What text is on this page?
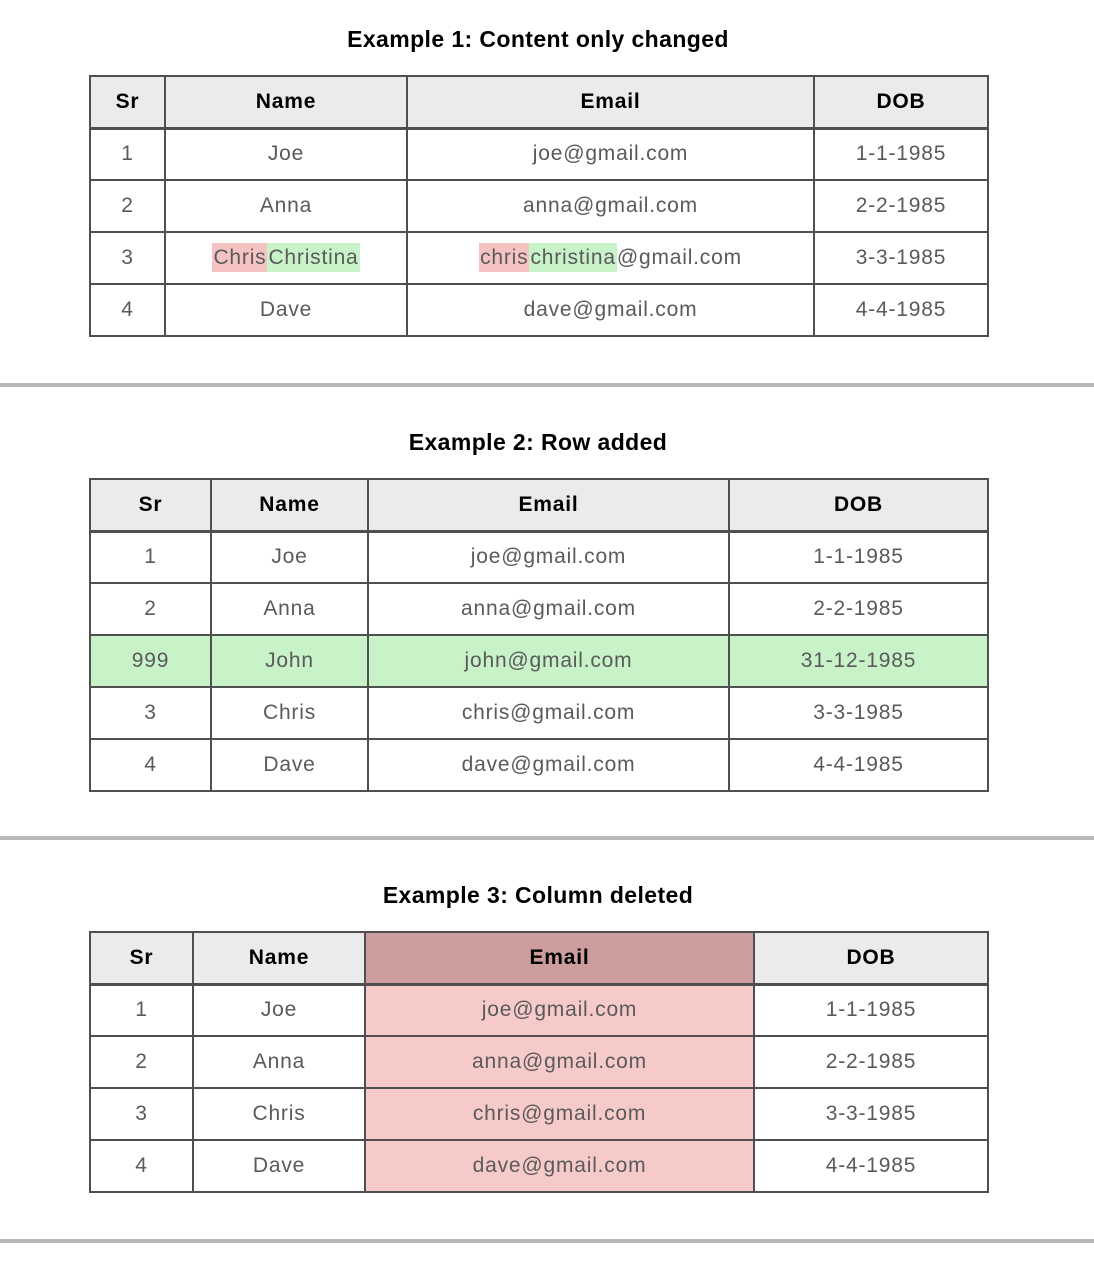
Example 1: Content only changed
Sr	Name	Email	DOB
1	Joe	joe@gmail.com	1-1-1985
2	Anna	anna@gmail.com	2-2-1985
3	ChrisChristina	chrischristina@gmail.com	3-3-1985
4	Dave	dave@gmail.com	4-4-1985
Example 2: Row added
Sr	Name	Email	DOB
1	Joe	joe@gmail.com	1-1-1985
2	Anna	anna@gmail.com	2-2-1985
999	John	john@gmail.com	31-12-1985
3	Chris	chris@gmail.com	3-3-1985
4	Dave	dave@gmail.com	4-4-1985
Example 3: Column deleted
Sr	Name	Email	DOB
1	Joe	joe@gmail.com	1-1-1985
2	Anna	anna@gmail.com	2-2-1985
3	Chris	chris@gmail.com	3-3-1985
4	Dave	dave@gmail.com	4-4-1985
